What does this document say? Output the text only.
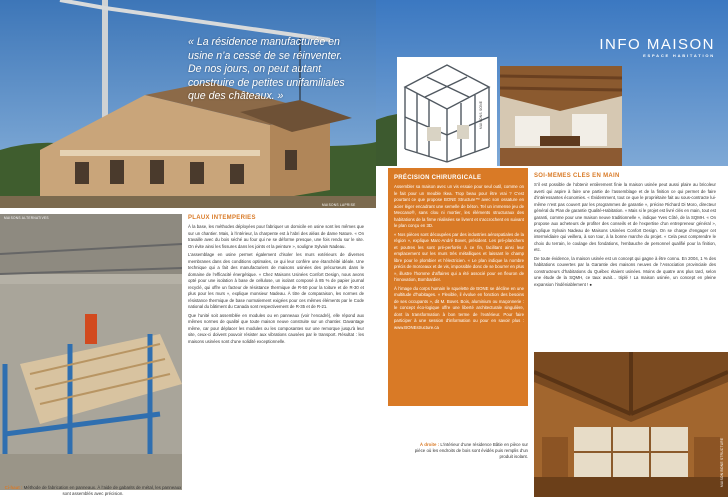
MAISONS LAPRISE
MAISONS SONE
« La résidence manufacturée en usine n’a cessé de se réinventer. De nos jours, on peut autant construire de petites unifamiliales que des châteaux. »
INFO MAISON
ESPACE HABITATION
MAISONS ALTERNATIVES	PLAUX INTEMPÉRIES

À la base, les méthodes déployées pour fabriquer un domicile en usine sont les mêmes que sur un chantier. Mais, à l’intérieur, la charpente est à l’abri des aléas de dame Nature. « On travaille avec du bois séché au four qui ne se déforme presque, une fois rendu sur le site. On évite ainsi les fissures dans les joints et la peinture », souligne Sylvain Nadeau.

L’assemblage en usine permet également d’isoler les murs extérieurs de diverses membranes dans des conditions optimales, ce qui leur confère une étanchéité idéale. Une technique qui a fait des manufacturiers de maisons usinées des précurseurs dans le domaine de l’efficacité énergétique. « Chez Maisons Usinées Confort Design, nous avons opté pour une isolation à base de cellulose, un isolant composé à 85 % de papier journal recyclé, qui offre un facteur de résistance thermique de R-50 pour la toiture et de R-30 et plus pour les murs », explique monsieur Nadeau. À titre de comparaison, les normes de résistance thermique de base normalement exigées pour ces mêmes éléments par le Code national du bâtiment du Canada sont respectivement de R-35 et de R-21.

Que l’unité soit assemblée en modules ou en panneaux (voir l’encadré), elle répond aux mêmes normes de qualité que toute maison neuve construite sur un chantier. Davantage même, car pour déplacer les modules ou les composantes sur une remorque jusqu’à leur site, ceux-ci doivent pouvoir résister aux vibrations causées par le transport. Résultat : les maisons usinées sont d’une solidité exceptionnelle.

PRÉCISION CHIRURGICALE

Assembler sa maison avec un vis essaie pour seul outil, comme on le fait pour un meuble Ikea. Trop beau pour être vrai ? C’est pourtant ce que propose BONE Structure™ avec son ossature en acier léger encadrant une semelle de béton. Tel un immense jeu de Meccano®, sans clou ni mortier, les éléments structuraux des habitations de la firme réalisées se livrent et s’accrochent en suivant le plan conçu en 3D.

« Nos pièces sont découpées par des industries aérospatiales de la région », explique Marc-André Bovet, président. Les pré-planchers et poutres les sont pré-perforés à ce fin, facilitant ainsi leur emplacement sur les murs très métalliques et laissant le champ libre pour le plombier et l’électricien. « Le plan indique la nombre précis de morceaux et de vis, impossible donc de se bourrer en plus », illustre l’homme d’affaires qui a été associé pour en fleuron de l’innovation, Bombardier.

À l’image du corps humain le squelette de BONE se décline en une multitude d’habitages. « Flexible, il évolue en fonction des besoins de ses occupants », dit M. Bovet. Bois, aluminium ou maçonnerie : le concept éco-logique offre une liberté architecturale singulière, dont la transformation à bon terme de l’extérieur. Pour faire participer à une session d’information ou pour en savoir plus : www.BONEstructure.ca

SOI-MÊMES CLÉS EN MAIN

S’il est possible de l’obtenir entièrement finie la maison usinée peut aussi plaire au bricoleur averti qui aspire à faire une partie de l’assemblage et de la finition ce qui permet de faire d’intéressantes économies. « Évidemment, tout ce que le propriétaire fait au sous-contracte lui-même n’est pas couvert par les programmes de garantie », précise Richard Di Moro, directeur général du Plan de garantie Qualité-Habitation. « Mais si le projet est livré clés en main, tout est garanti, comme pour une maison neuve traditionnelle », indique Yves Côté, de la SQMH. « On propose aux acheteurs de profiter des conseils et de l’expertise d’un entrepreneur général », explique Sylvain Nadeau de Maisons Usinées Confort Design. On se charge d’engager cet intermédiaire qui veillera, à son tour, à la bonne marche du projet. « Cela peut comprendre le choix du terrain, le coulage des fondations, l’embauche de personnel qualifié pour la finition, etc.

De toute évidence, la maison usinée est un concept qui gagne à être connu. En 2004, 1 % des habitations couvertes par la Garantie des maisons neuves de l’Association provinciale des constructeurs d’habitations du Québec étaient usinées. Moins de quatre ans plus tard, selon une étude de la SQMH, ce taux avait… triplé ! La maison usinée, un concept en pleine expansion l’indéniablement ! ●

MAISON BONE STRUCTURE
Ci-haut : Méthode de fabrication en panneaux. À l’aide de gabarits de métal, les panneaux sont assemblés avec précision.
À droite : L’intérieur d’une résidence Bâtie en pièce sur pièce où les endroits de bois sont évidés puis remplis d’un produit isolant.
